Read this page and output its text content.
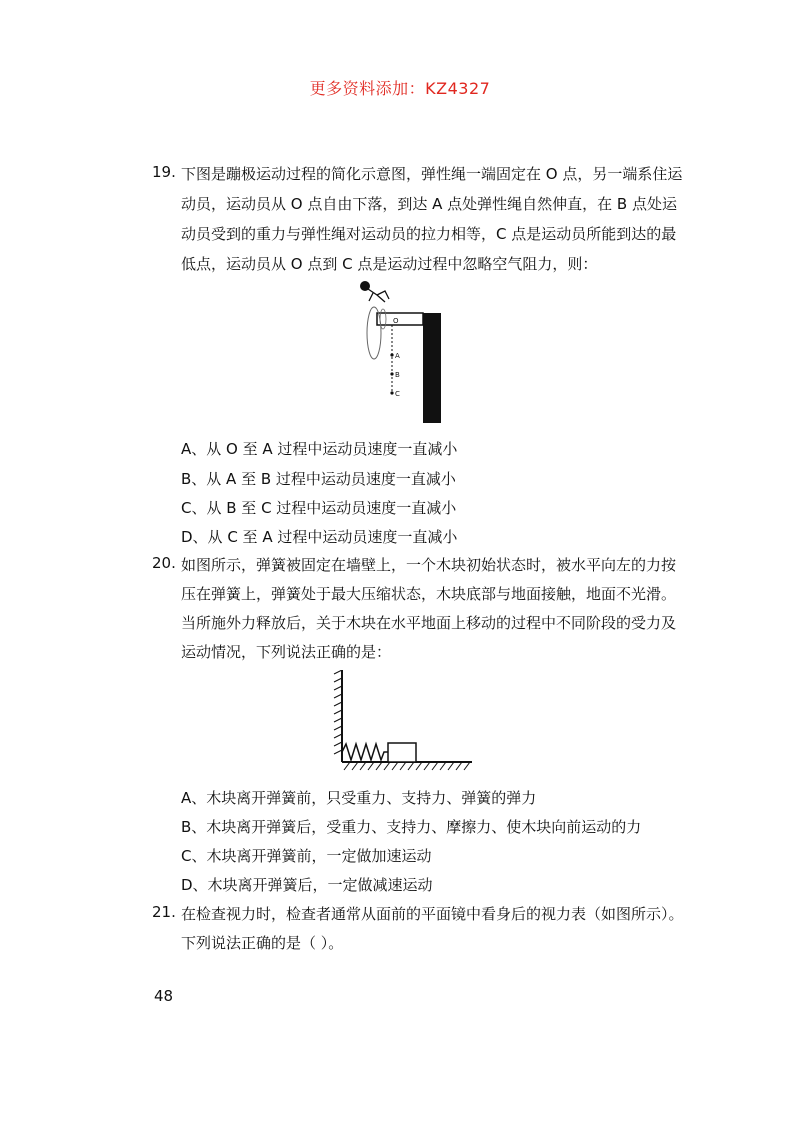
更多资料添加：KZ4327
19. 下图是蹦极运动过程的简化示意图，弹性绳一端固定在 O 点，另一端系住运
动员，运动员从 O 点自由下落，到达 A 点处弹性绳自然伸直，在 B 点处运
动员受到的重力与弹性绳对运动员的拉力相等，C 点是运动员所能到达的最
低点，运动员从 O 点到 C 点是运动过程中忽略空气阻力，则：
O
A
B
C
A、从 O 至 A 过程中运动员速度一直减小
B、从 A 至 B 过程中运动员速度一直减小
C、从 B 至 C 过程中运动员速度一直减小
D、从 C 至 A 过程中运动员速度一直减小
20. 如图所示，弹簧被固定在墙壁上，一个木块初始状态时，被水平向左的力按
压在弹簧上，弹簧处于最大压缩状态，木块底部与地面接触，地面不光滑。
当所施外力释放后，关于木块在水平地面上移动的过程中不同阶段的受力及
运动情况，下列说法正确的是：
A、木块离开弹簧前，只受重力、支持力、弹簧的弹力
B、木块离开弹簧后，受重力、支持力、摩擦力、使木块向前运动的力
C、木块离开弹簧前，一定做加速运动
D、木块离开弹簧后，一定做减速运动
21. 在检查视力时，检查者通常从面前的平面镜中看身后的视力表（如图所示）。
下列说法正确的是（ ）。
48
